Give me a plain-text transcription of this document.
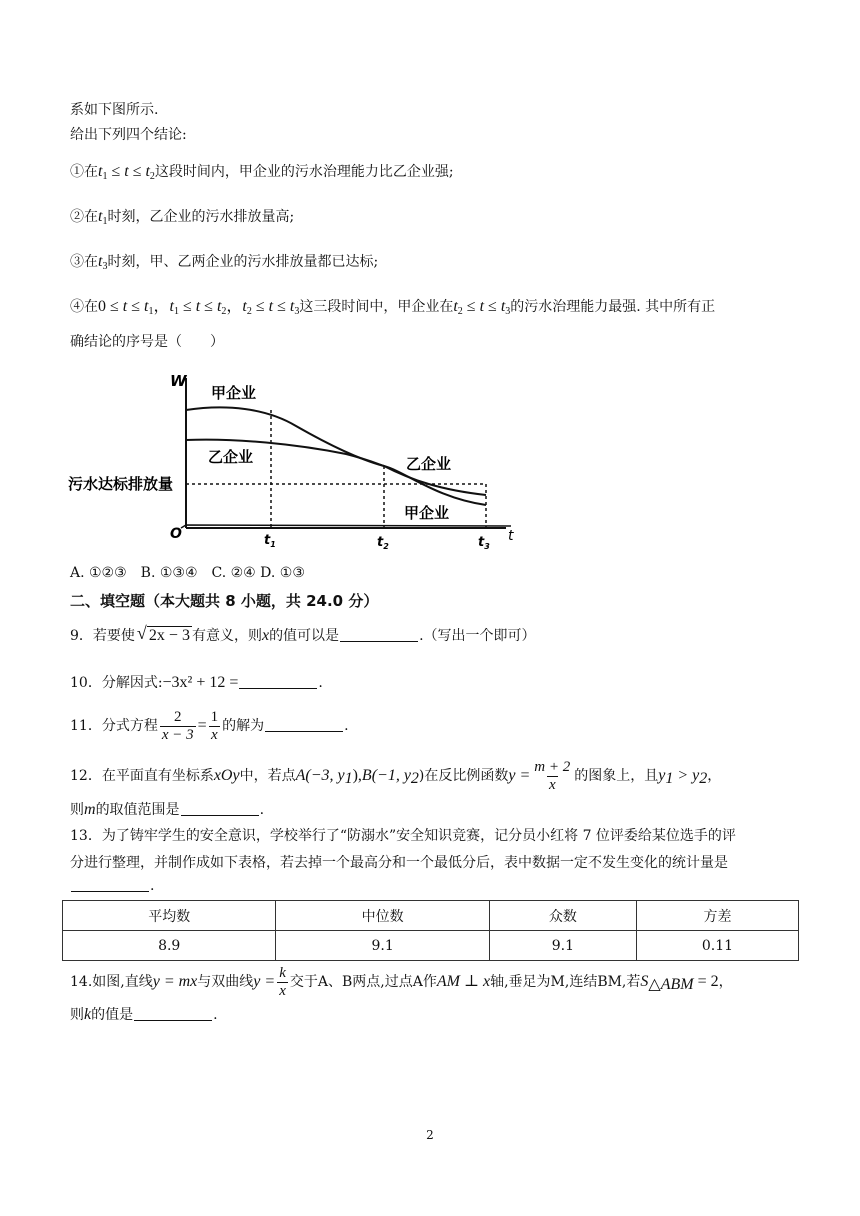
系如下图所示.
给出下列四个结论:
①在$t_1 \le t \le t_2$这段时间内，甲企业的污水治理能力比乙企业强;
②在$t_1$时刻，乙企业的污水排放量高;
③在$t_3$时刻，甲、乙两企业的污水排放量都已达标;
④在$0 \le t \le t_1$，$t_1 \le t \le t_2$，$t_2 \le t \le t_3$这三段时间中，甲企业在$t_2 \le t \le t_3$的污水治理能力最强. 其中所有正
确结论的序号是（　　）
W
t
O
污水达标排放量
甲企业
乙企业	乙企业
甲企业
$t_1$	$t_2$	$t_3$
A. ①②③　B. ①③④　C. ②④ D. ①③
二、填空题（本大题共 8 小题，共 24.0 分）
9．若要使 √ 2x − 3 有意义，则x的值可以是	.（写出一个即可）
10．分解因式:−3x² + 12 =	.
11．分式方程 $\frac{2}{x - 3} = \frac{1}{x}$ 的解为	.
12．在平面直有坐标系xOy中，若点A(−3, $y_1),B(-1$, $y_2$)在反比例函数$y = \frac{m + 2}{x}$ 的图象上，且$y_1 > y_2$，
则m的取值范围是	.
13．为了铸牢学生的安全意识，学校举行了“防溺水”安全知识竞赛，记分员小红将 7 位评委给某位选手的评
分进行整理，并制作成如下表格，若去掉一个最高分和一个最低分后，表中数据一定不发生变化的统计量是
.
平均数	中位数	众数	方差
8.9	9.1	9.1	0.11
14.如图,直线y = mx与双曲线$y = \frac{k}{x}$ 交于A、B两点,过点A作AM ⊥ x轴,垂足为M,连结BM,若$S_{\triangle ABM} = 2$，
则k的值是	.
2
